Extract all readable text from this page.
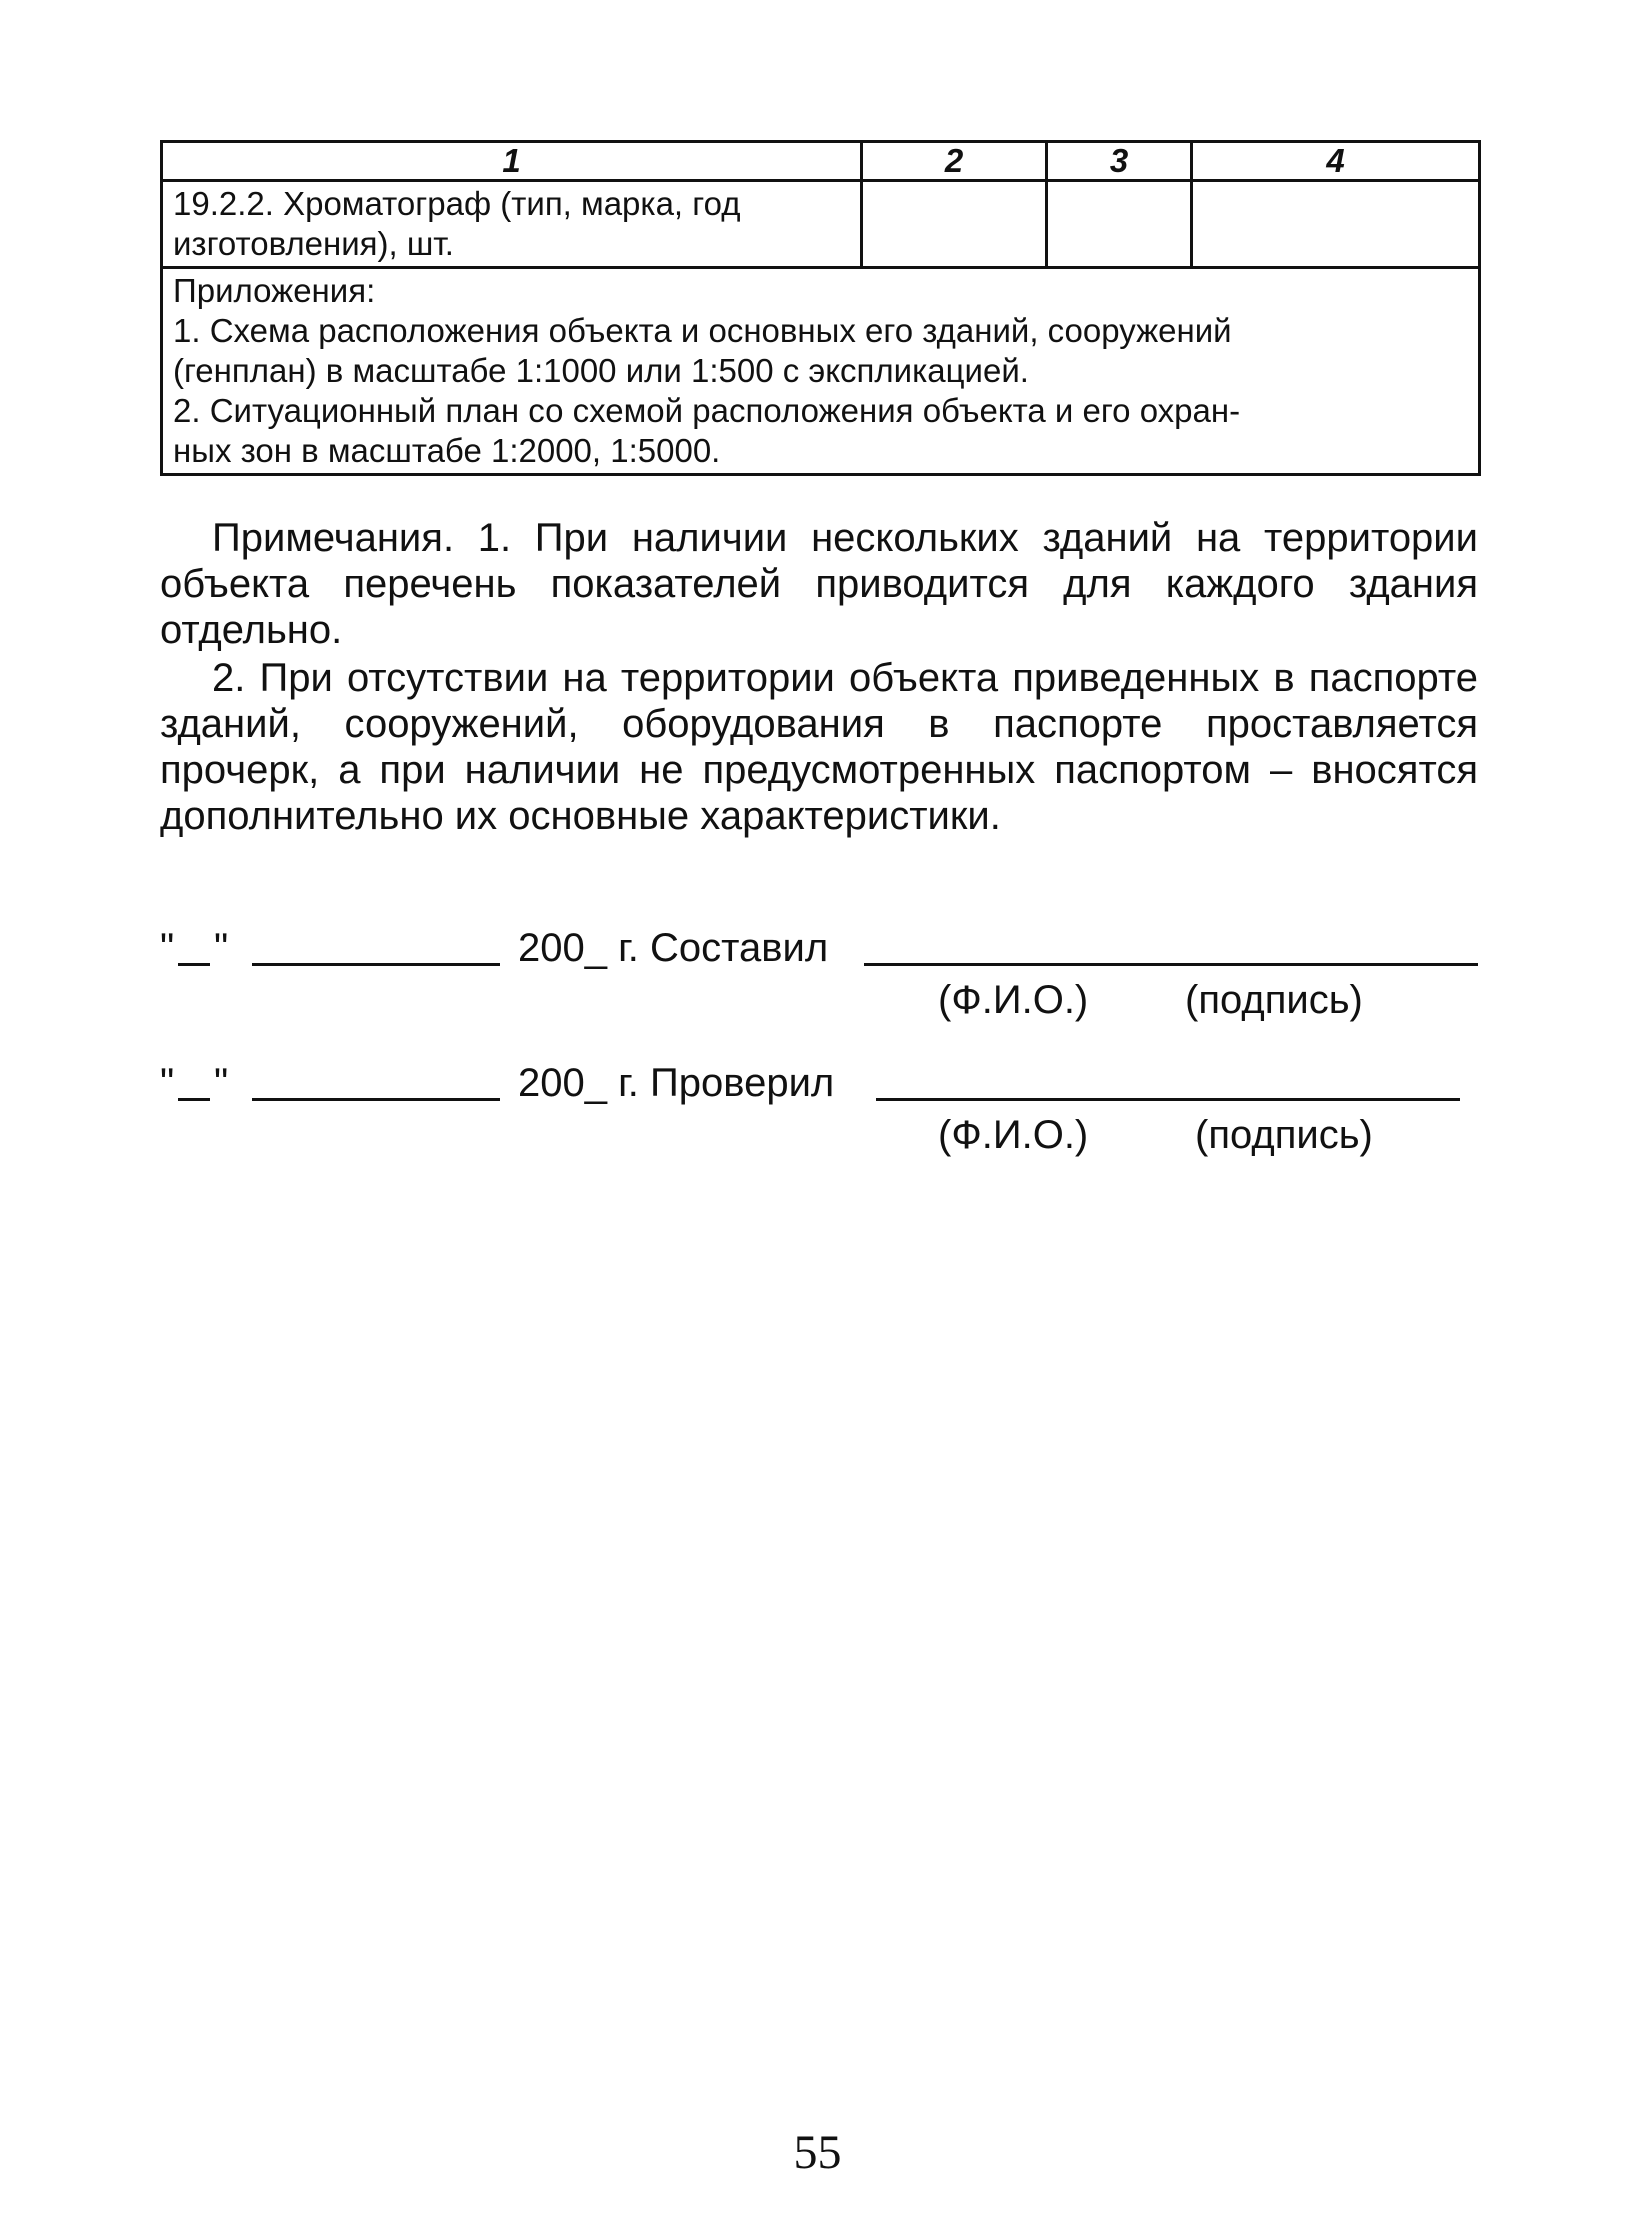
1	2	3	4

19.2.2. Хроматограф (тип, марка, год
изготовления), шт.			

Приложения:
1. Схема расположения объекта и основных его зданий, сооружений
(генплан) в масштабе 1:1000 или 1:500 с экспликацией.
2. Ситуационный план со схемой расположения объекта и его охран-
ных зон в масштабе 1:2000, 1:5000.			

Примечания. 1. При наличии нескольких зданий на территории объекта перечень показателей приводится для каждого здания отдельно.

2. При отсутствии на территории объекта приведенных в паспорте зданий, сооружений, оборудования в паспорте проставляется прочерк, а при наличии не предусмотренных паспортом – вносятся дополнительно их основные характеристики.

" "	200_ г. Составил
(Ф.И.О.) (подпись)
" "	200_ г. Проверил
(Ф.И.О.)	(подпись)
55
